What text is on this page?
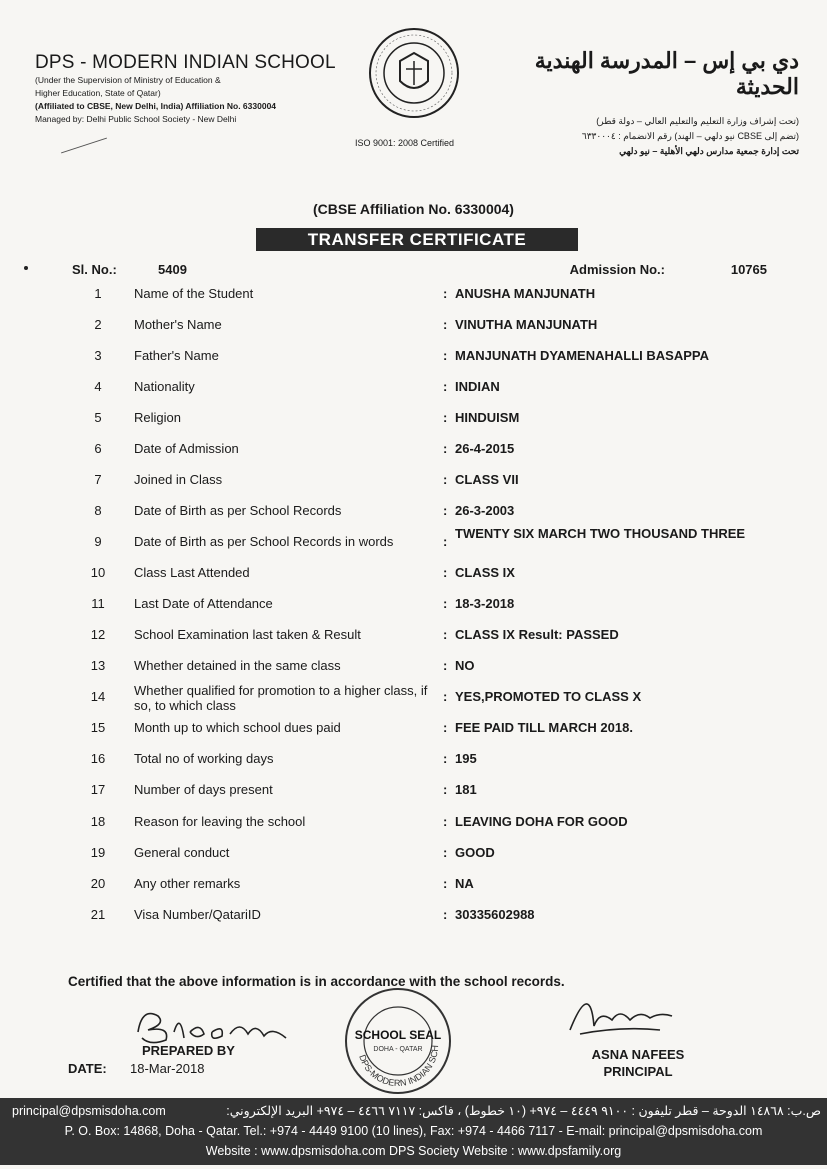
DPS - MODERN INDIAN SCHOOL
(Under the Supervision of Ministry of Education &
Higher Education, State of Qatar)
(Affiliated to CBSE, New Delhi, India) Affiliation No. 6330004
Managed by: Delhi Public School Society - New Delhi
ISO 9001: 2008 Certified
دي بي إس – المدرسة الهندية الحديثة
(تحت إشراف وزارة التعليم والتعليم العالي – دولة قطر)
(تضم إلى CBSE نيو دلهي – الهند) رقم الانضمام : ٦٣٣٠٠٠٤
تحت إدارة جمعية مدارس دلهي الأهلية – نيو دلهي
(CBSE Affiliation No. 6330004)
TRANSFER CERTIFICATE
Sl. No.:	5409	Admission No.:	10765
1	Name of the Student	: ANUSHA MANJUNATH
2	Mother's Name	: VINUTHA MANJUNATH
3	Father's Name	: MANJUNATH DYAMENAHALLI BASAPPA
4	Nationality	: INDIAN
5	Religion	: HINDUISM
6	Date of Admission	: 26-4-2015
7	Joined in Class	: CLASS VII
8	Date of Birth as per School Records	: 26-3-2003
9	Date of Birth as per School Records in words	:
TWENTY SIX MARCH TWO THOUSAND THREE
10 Class Last Attended	: CLASS IX
11 Last Date of Attendance	: 18-3-2018
12 School Examination last taken & Result	: CLASS IX Result: PASSED
13 Whether detained in the same class	: NO
14 Whether qualified for promotion to a higher class, if so, to which class
: YES,PROMOTED TO CLASS X
15 Month up to which school dues paid	: FEE PAID TILL MARCH 2018.
16 Total no of working days	: 195
17 Number of days present	: 181
18 Reason for leaving the school	: LEAVING DOHA FOR GOOD
19 General conduct	: GOOD
20 Any other remarks	: NA
21 Visa Number/QatariID	: 30335602988
Certified that the above information is in accordance with the school records.
PREPARED BY
DATE: 18-Mar-2018
DPS-MODERN INDIAN SCH
SCHOOL SEAL
DOHA - QATAR	ASNA NAFEES
PRINCIPAL
principal@dpsmisdoha.com	ص.ب: ١٤٨٦٨ الدوحة – قطر تليفون : ٩١٠٠ ٤٤٤٩ – ٩٧٤+ (١٠ خطوط) ، فاكس: ٧١١٧ ٤٤٦٦ – ٩٧٤+ البريد الإلكتروني:
P. O. Box: 14868, Doha - Qatar. Tel.: +974 - 4449 9100 (10 lines), Fax: +974 - 4466 7117 - E-mail: principal@dpsmisdoha.com
Website : www.dpsmisdoha.com DPS Society Website : www.dpsfamily.org
